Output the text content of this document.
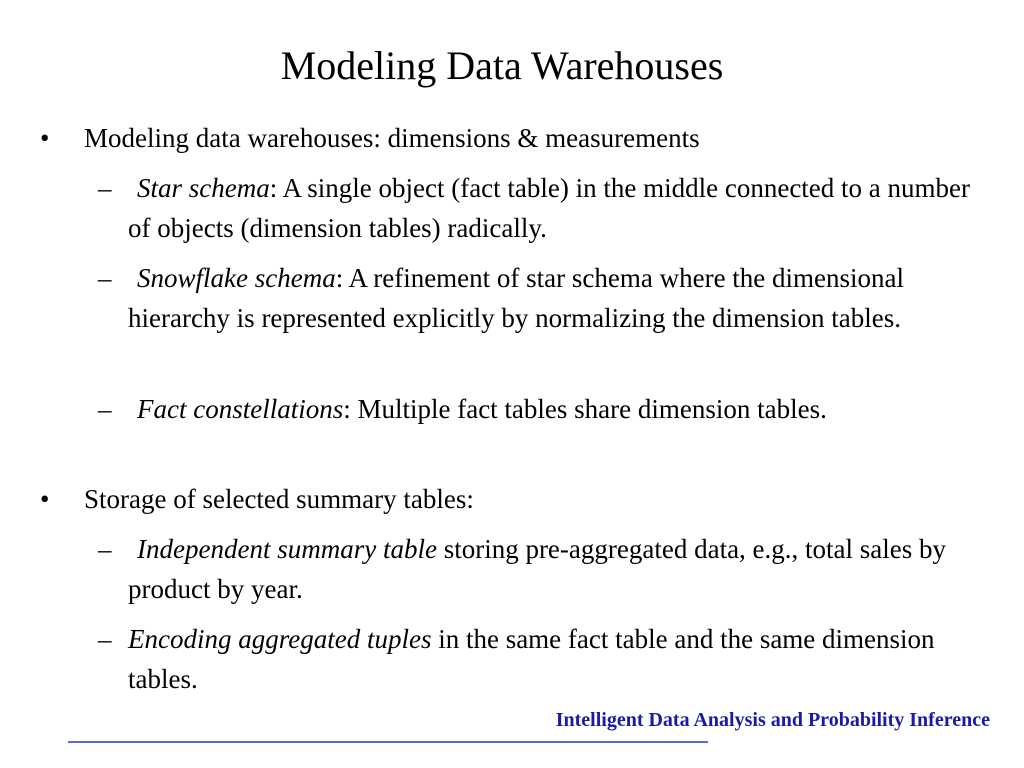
Modeling Data Warehouses
• Modeling data warehouses: dimensions & measurements
– Star schema: A single object (fact table) in the middle connected to a number of objects (dimension tables) radically.
– Snowflake schema: A refinement of star schema where the dimensional hierarchy is represented explicitly by normalizing the dimension tables.
– Fact constellations: Multiple fact tables share dimension tables.
• Storage of selected summary tables:
– Independent summary table storing pre-aggregated data, e.g., total sales by product by year.
– Encoding aggregated tuples in the same fact table and the same dimension tables.
Intelligent Data Analysis and Probability Inference
